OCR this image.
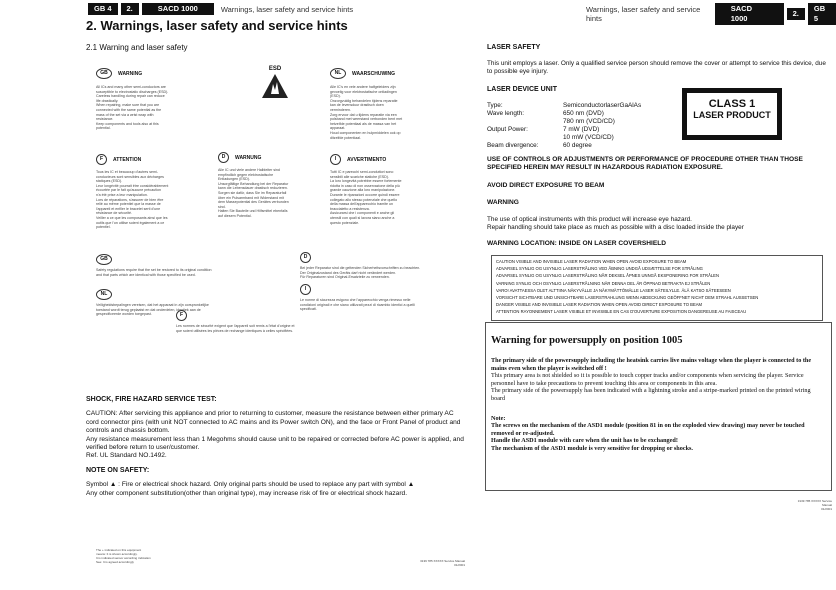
GB 4	2.	SACD 1000	Warnings, laser safety and service hints	Warnings, laser safety and service hints
SACD 1000
2.
GB 5
2. Warnings, laser safety and service hints
2.1 Warning and laser safety
GB	WARNING
All ICs and many other semi-conductors are
susceptible to electrostatic discharges (ESD).
Careless handling during repair can reduce
life drastically.
When repairing, make sure that you are
connected with the same potential as the
mass of the set via a wrist wrap with
resistance.
Keep components and tools also at this
potential.
ESD
NL	WAARSCHUWING
Alle IC's en vele andere halfgeleiders zijn
gevoelig voor elektrostatische ontladingen
(ESD).
Onzorgvuldig behandelen tijdens reparatie
kan de levensduur drastisch doen
verminderen.
Zorg ervoor dat u tijdens reparatie via een
polsband met weerstand verbonden bent met
hetzelfde potentiaal als de massa van het
apparaat.
Houd componenten en hulpmiddelen ook op
ditzelfde potentiaal.
F	ATTENTION
Tous les IC et beaucoup d'autres semi-
conducteurs sont sensibles aux décharges
statiques (ESD).
Leur longévité pourrait être considérablement
écourtée par le fait qu'aucune précaution
n'a été prise a leur manipulation.
Lors de réparations, s'assurer de bien être
relié au même potentiel que la masse de
l'appareil et enfiler le bracelet serti d'une
résistance de sécurité.
Veiller a ce que les composants ainsi que les
outils que l'on utilise soient également a ce
potentiel.
D	WARNUNG
Alle IC und viele andere Halbleiter sind
empfindlich gegen elektrostatische
Entladungen (ESD).
Unsorgfältige Behandlung bei der Reparatur
kann die Lebensdauer drastisch reduzieren.
Sorgen sie dafür, dass Sie im Reparaturfall
über ein Pulsarmband mit Widerstand mit
dem Massepotential des Gerätes verbunden
sind.
Halten Sie Bauteile und Hilfsmittel ebenfalls
auf diesem Potential.
I	AVVERTIMENTO
Tutti IC e parecchi semi-conduttori sono
sensibili alle scariche statiche (ESD).
La loro longevità potrebbe essere fortemente
ridotta in caso di non osservazione della più
grande cauzione alla loro manipolazione.
Durante le riparazioni occorre quindi essere
collegato allo stesso potenziale che quello
della massa dell'apparecchio tramite un
braccialetto a resistenza.
Assicurarsi che i componenti e anche gli
utensili con quali si lavora siano anche a
questo potenziale.
GB
Safety regulations require that the set be restored to its original condition
and that parts which are identical with those specified be used.
NL
Veiligheidsbepalingen vereisen, dat het apparaat in zijn oorspronkelijke
toestand wordt terug geplaatst en dat onderdelen, identiek aan de
gespecificeerde worden toegepast.
D
Bei jeder Reparatur sind die geltenden Sicherheitsvorschriften zu beachten.
Der Originalzustand des Geräts darf nicht verändert werden.
Für Reparaturen sind Original-Ersatzteile zu verwenden.
I
Le norme di sicurezza esigono che l'apparecchio venga rimesso nelle
condizioni originali e che siano utilizzati pezzi di ricambio identici a quelli
specificati.
F
Les normes de sécurité exigent que l'appareil soit remis a l'état d'origine et
que soient utilisées les pièces de rechange identiques à celles spécifiées.
SHOCK, FIRE HAZARD SERVICE TEST:
CAUTION: After servicing this appliance and prior to returning to customer, measure the resistance between either primary AC cord connector pins (with unit NOT connected to AC mains and its Power switch ON), and the face or Front Panel of product and controls and chassis bottom.
Any resistance measurement less than 1 Megohms should cause unit to be repaired or corrected before AC power is applied, and verified before return to user/customer.
Ref. UL Standard NO.1492.
NOTE ON SAFETY:
Symbol ▲ : Fire or electrical shock hazard. Only original parts should be used to replace any part with symbol ▲
Any other component substitution(other than original type), may increase risk of fire or electrical shock hazard.
The + indicated on this equipment
means: It is shown accordingly.
It is indicated sensor according indication
See: It is agreed accordingly	3139 785 XXXXX Service Manual
01/2001
LASER SAFETY
This unit employs a laser. Only a qualified service person should remove the cover or attempt to service this device, due to possible eye injury.
LASER DEVICE UNIT
Type:	SemiconductorlaserGaAlAs
Wave length:	650 nm (DVD)
780 nm (VCD/CD)
Output Power:	7 mW (DVD)
10 mW (VCD/CD)
Beam divergence:	60 degree
CLASS 1
LASER PRODUCT
USE OF CONTROLS OR ADJUSTMENTS OR PERFORMANCE OF PROCEDURE OTHER THAN THOSE SPECIFIED HEREIN MAY RESULT IN HAZARDOUS RADIATION EXPOSURE.
AVOID DIRECT EXPOSURE TO BEAM
WARNING
The use of optical instruments with this product will increase eye hazard.
Repair handling should take place as much as possible with a disc loaded inside the player
WARNING LOCATION: INSIDE ON LASER COVERSHIELD
CAUTION VISIBLE AND INVISIBLE LASER RADIATION WHEN OPEN AVOID EXPOSURE TO BEAM
ADVARSEL SYNLIG OG USYNLIG LASERSTRÅLING VED ÅBNING UNDGÅ UDSÆTTELSE FOR STRÅLING
ADVARSEL SYNLIG OG USYNLIG LASERSTRÅLING NÅR DEKSEL ÅPNES UNNGÅ EKSPONERING FOR STRÅLEN
VARNING SYNLIG OCH OSYNLIG LASERSTRÅLNING NÄR DENNA DEL ÄR ÖPPNAD BETRAKTA EJ STRÅLEN
VARO! AVATTAESSA OLET ALTTIINA NÄKYVÄLLE JA NÄKYMÄTTÖMÄLLE LASER SÄTEILYLLE. ÄLÄ KATSO SÄTEESEEN
VORSICHT SICHTBARE UND UNSICHTBARE LASERSTRAHLUNG WENN ABDECKUNG GEÖFFNET NICHT DEM STRAHL AUSSETSEN
DANGER VISIBLE AND INVISIBLE LASER RADIATION WHEN OPEN AVOID DIRECT EXPOSURE TO BEAM
ATTENTION RAYONNEMENT LASER VISIBLE ET INVISIBLE EN CAS D'OUVERTURE EXPOSITION DANGEREUSE AU FAISCEAU
Warning for powersupply on position 1005
The primary side of the powersupply including the heatsink carries live mains voltage when the player is connected to the mains even when the player is switched off !
This primary area is not shielded so it is possible to touch copper tracks and/or components when servicing the player. Service personnel have to take precautions to prevent touching this area or components in this area.
The primary side of the powersupply has been indicated with a lightning stroke and a stripe-marked printed on the printed wiring board
Note:
The screws on the mechanism of the ASD1 module (position 81 in on the exploded view drawing) may never be touched removed or re-adjusted.
Handle the ASD1 module with care when the unit has to be exchanged!
The mechanism of the ASD1 module is very sensitive for dropping or shocks.
3139 785 XXXXX Service Manual
01/2001
